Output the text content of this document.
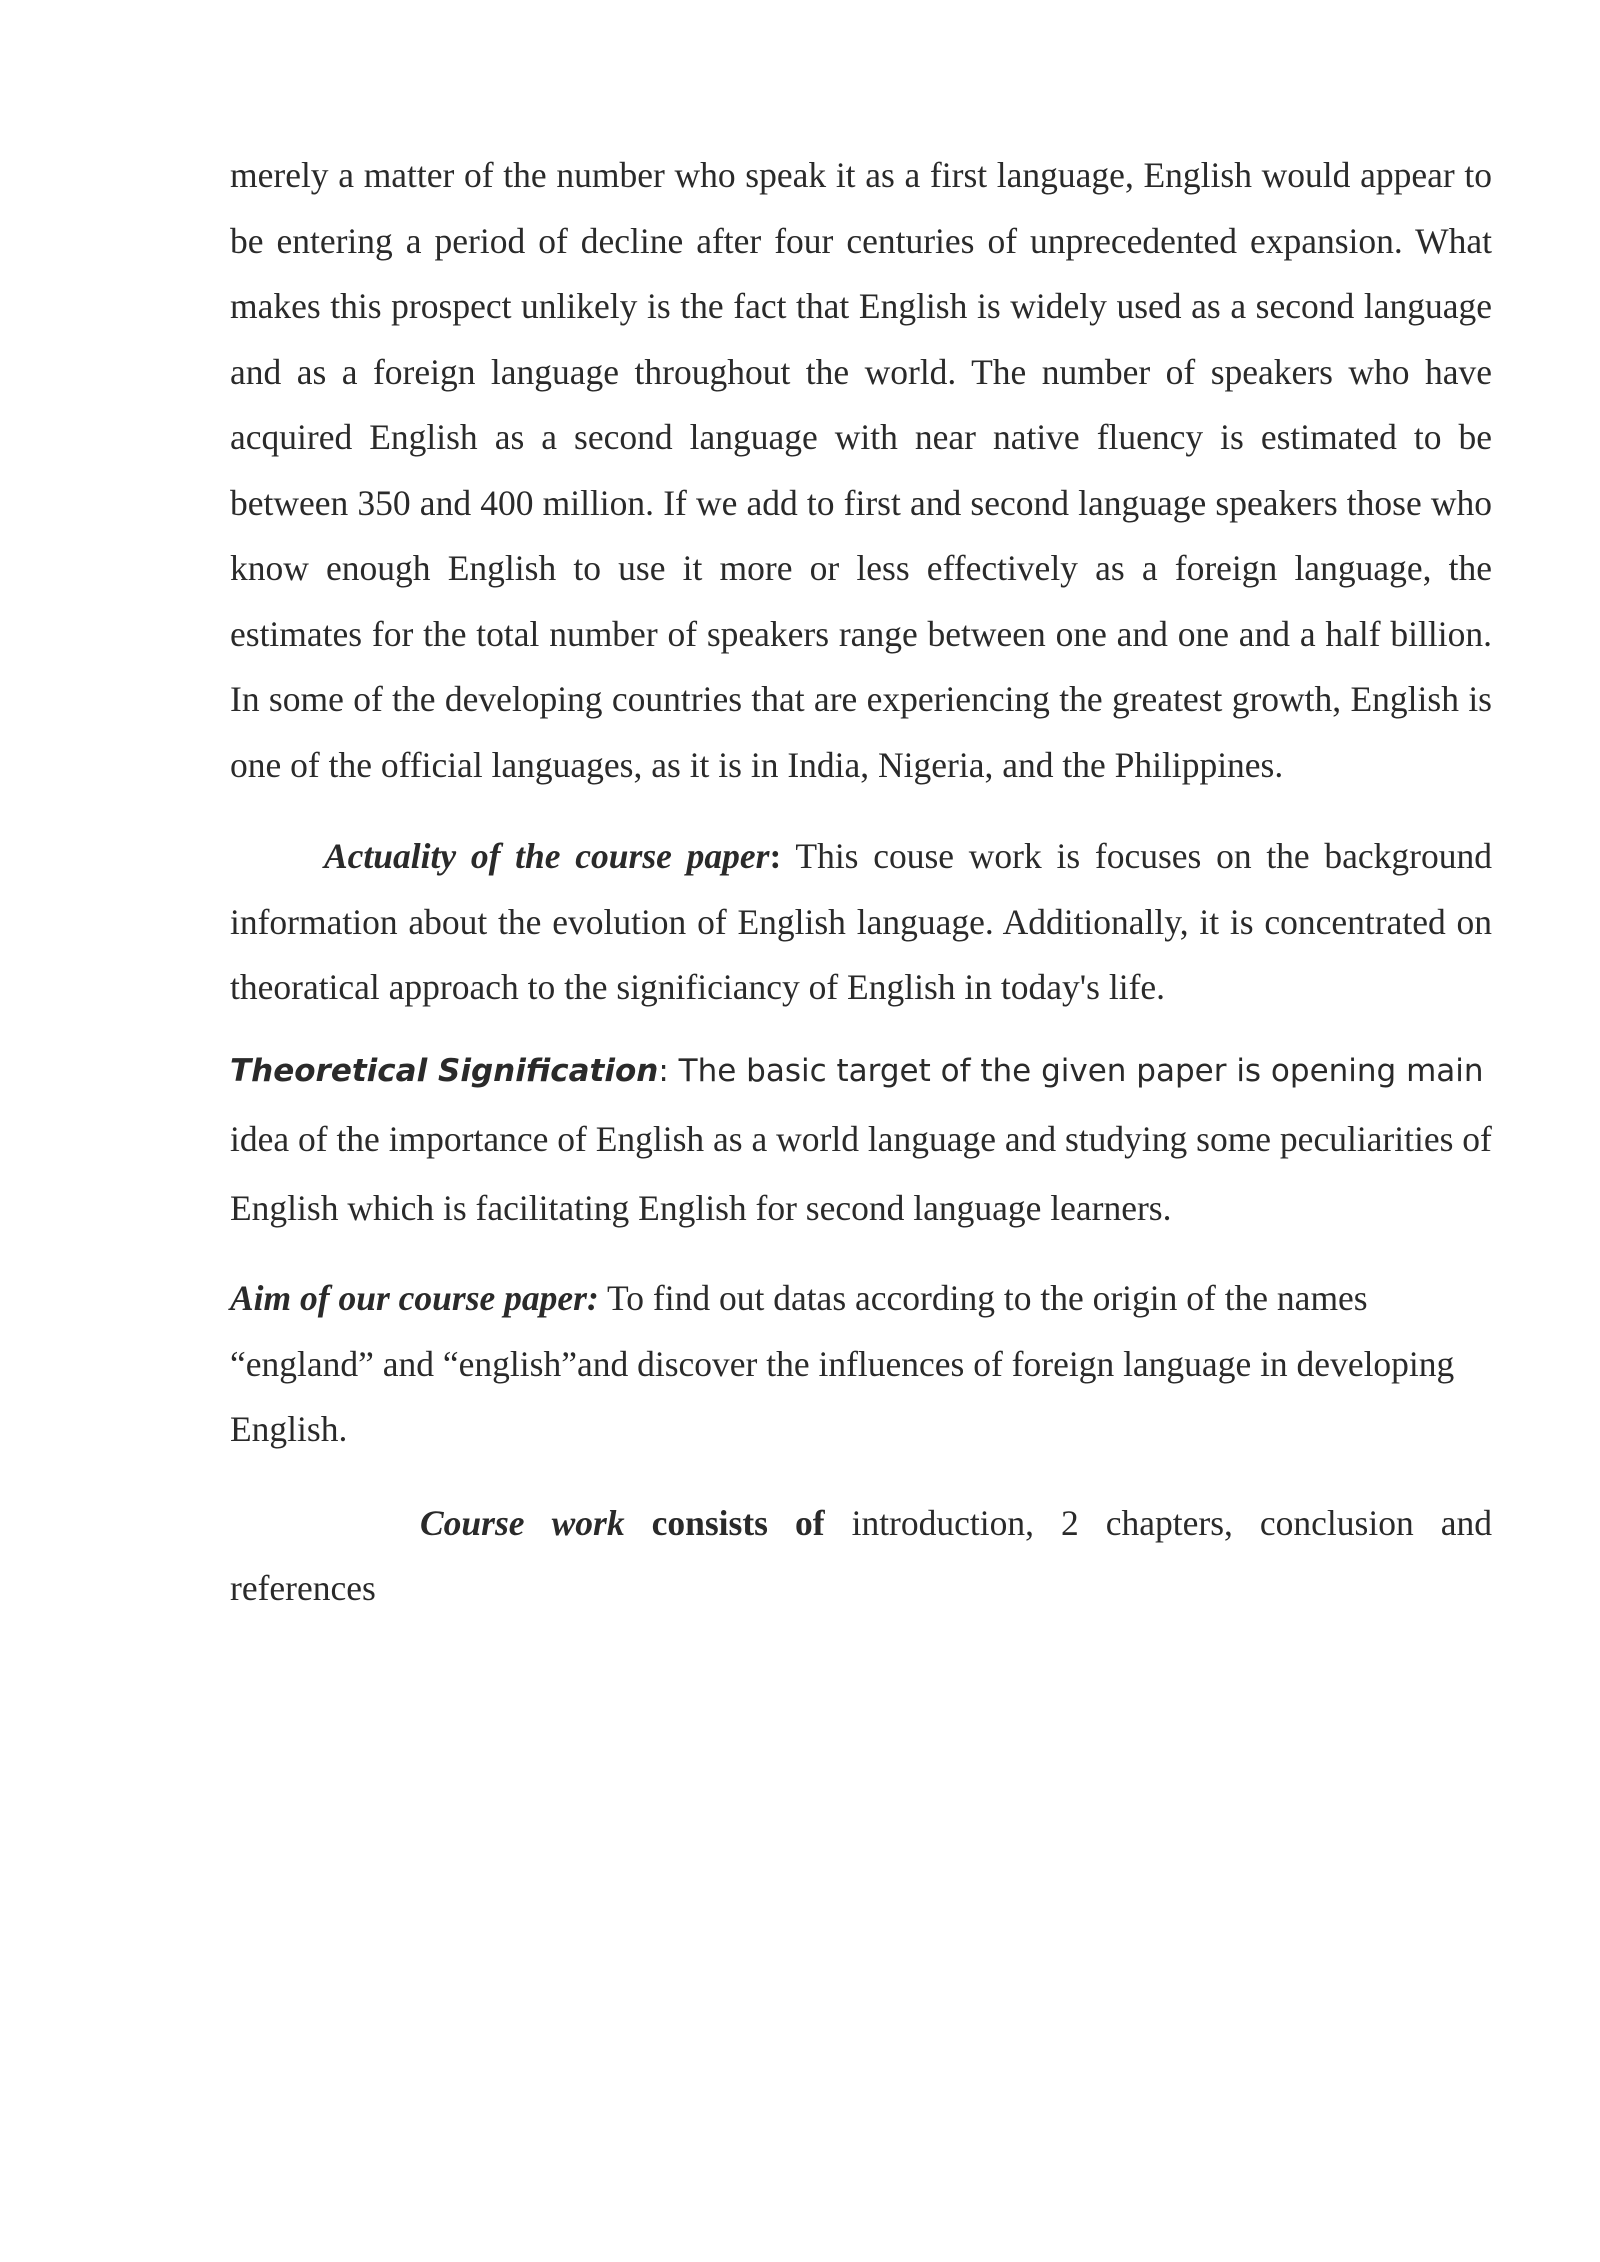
merely a matter of the number who speak it as a first language, English would appear to be entering a period of decline after four centuries of unprecedented expansion. What makes this prospect unlikely is the fact that English is widely used as a second language and as a foreign language throughout the world. The number of speakers who have acquired English as a second language with near native fluency is estimated to be between 350 and 400 million. If we add to first and second language speakers those who know enough English to use it more or less effectively as a foreign language, the estimates for the total number of speakers range between one and one and a half billion. In some of the developing countries that are experiencing the greatest growth, English is one of the official languages, as it is in India, Nigeria, and the Philippines.

Actuality of the course paper: This couse work is focuses on the background information about the evolution of English language. Additionally, it is concentrated on theoratical approach to the significiancy of English in today's life.

Theoretical Signification: The basic target of the given paper is opening main idea of the importance of English as a world language and studying some peculiarities of English which is facilitating English for second language learners.

Aim of our course paper: To find out datas according to the origin of the names “england” and “english”and discover the influences of foreign language in developing English.

Course work consists of introduction, 2 chapters, conclusion and references
